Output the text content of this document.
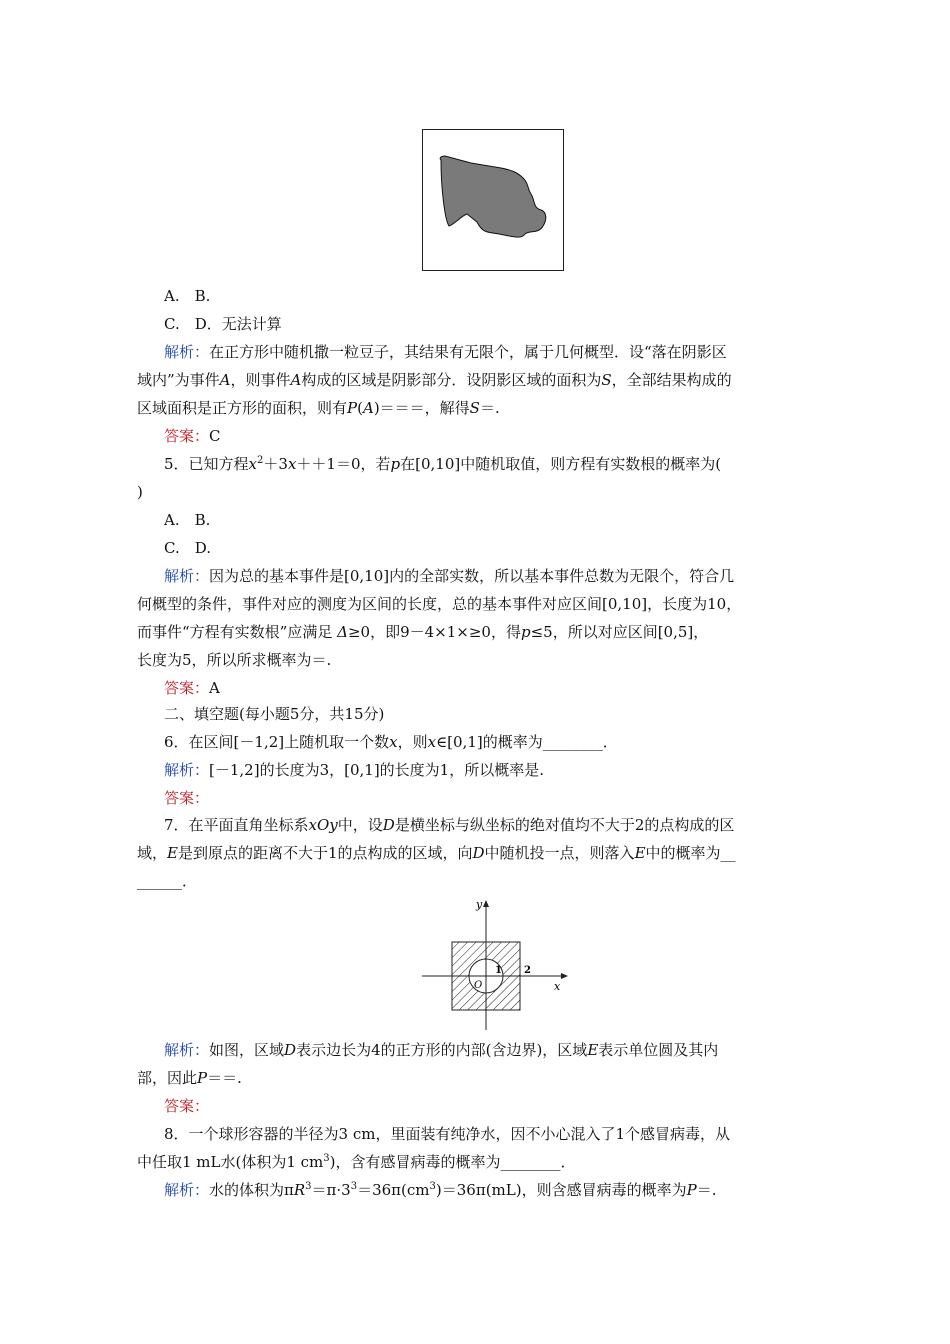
A.　B.
C.　D．无法计算
解析：在正方形中随机撒一粒豆子，其结果有无限个，属于几何概型．设“落在阴影区
域内”为事件A，则事件A构成的区域是阴影部分．设阴影区域的面积为S，全部结果构成的
区域面积是正方形的面积，则有P(A)＝＝＝，解得S＝.
答案：C
5．已知方程$x^2+3x++1=0$，若p在[0,10]中随机取值，则方程有实数根的概率为(
)
A.　B.
C.　D.
解析：因为总的基本事件是[0,10]内的全部实数，所以基本事件总数为无限个，符合几
何概型的条件，事件对应的测度为区间的长度，总的基本事件对应区间[0,10]，长度为10，
而事件“方程有实数根”应满足 Δ≥0，即9－4×1×≥0，得p≤5，所以对应区间[0,5]，
长度为5，所以所求概率为＝.
答案：A
二、填空题(每小题5分，共15分)
6．在区间[－1,2]上随机取一个数x，则x∈[0,1]的概率为________．
解析：[－1,2]的长度为3，[0,1]的长度为1，所以概率是.
答案：
7．在平面直角坐标系xOy中，设D是横坐标与纵坐标的绝对值均不大于2的点构成的区
域，E是到原点的距离不大于1的点构成的区域，向D中随机投一点，则落入E中的概率为__
______．
y
x
O
1 2
解析：如图，区域D表示边长为4的正方形的内部(含边界)，区域E表示单位圆及其内
部，因此P＝＝.
答案：
8．一个球形容器的半径为3 cm，里面装有纯净水，因不小心混入了1个感冒病毒，从
中任取1 mL水(体积为1 $cm^3$)，含有感冒病毒的概率为________．
解析：水的体积为$\pi R^3=\pi\cdot 3^3=36\pi(cm^3)=36\pi(mL)$，则含感冒病毒的概率为P＝.
